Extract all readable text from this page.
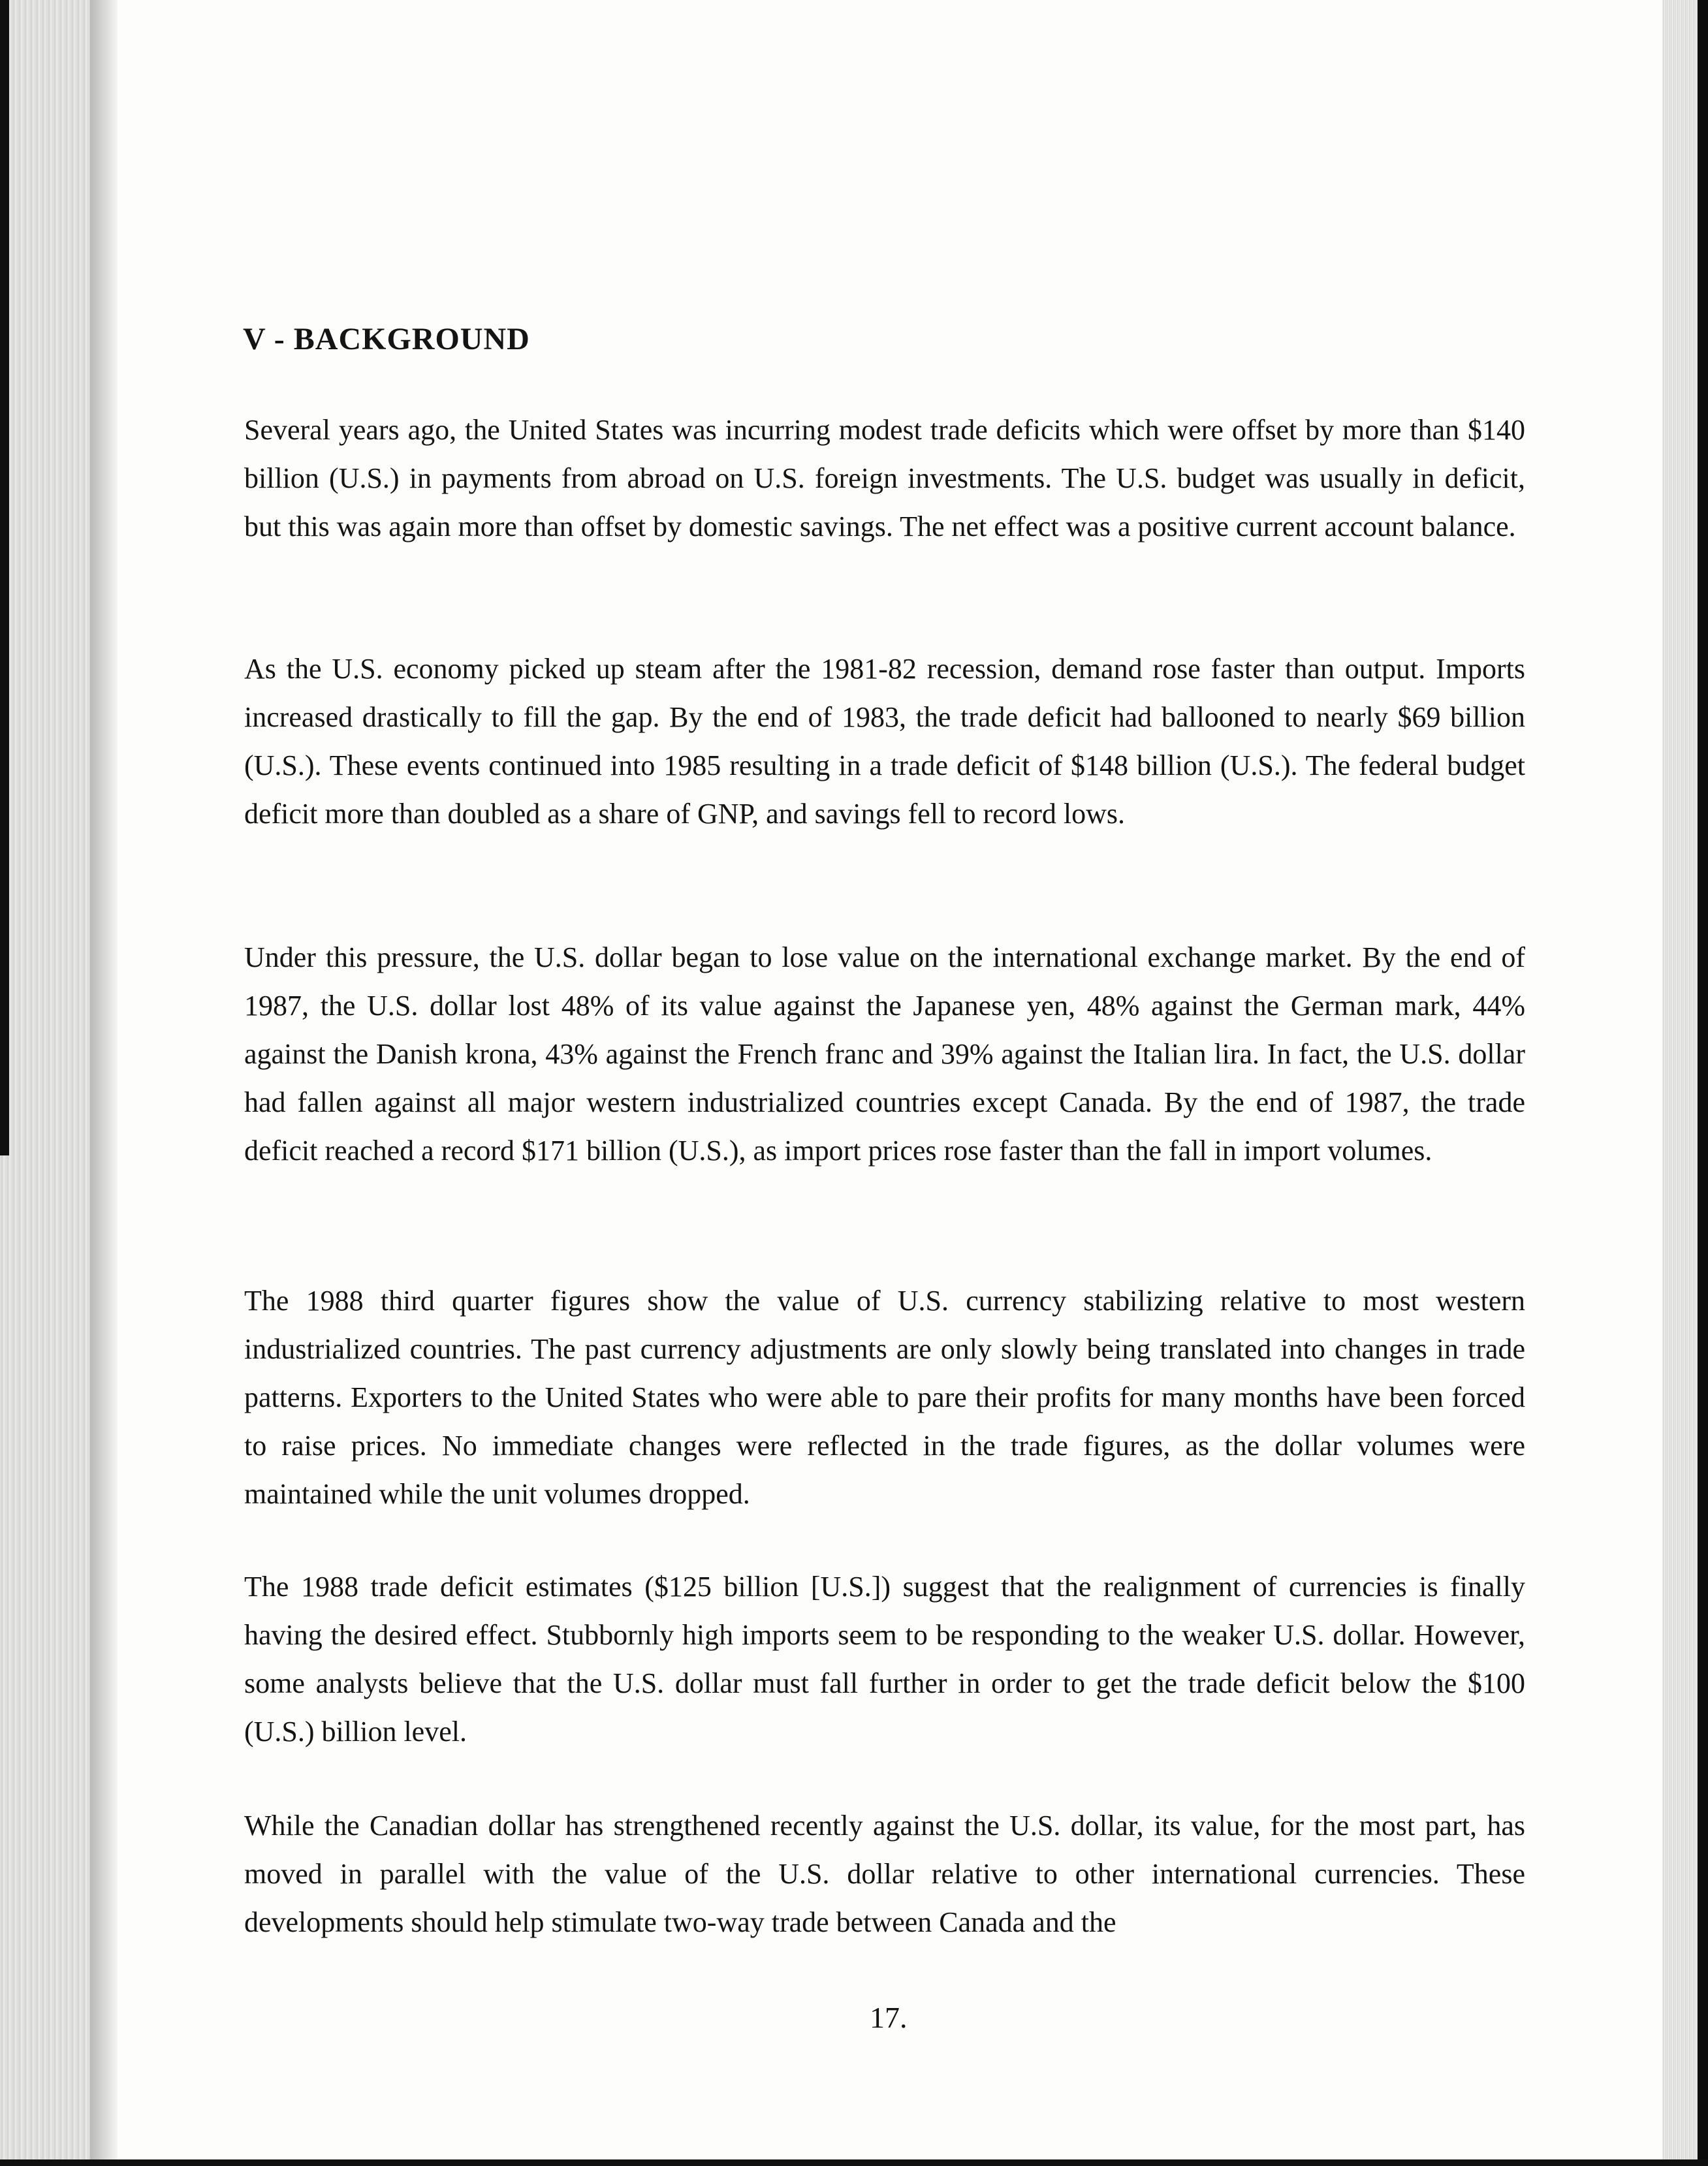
V - BACKGROUND

Several years ago, the United States was incurring modest trade deficits which were offset by more than $140 billion (U.S.) in payments from abroad on U.S. foreign investments. The U.S. budget was usually in deficit, but this was again more than offset by domestic savings. The net effect was a positive current account balance.

As the U.S. economy picked up steam after the 1981-82 recession, demand rose faster than output. Imports increased drastically to fill the gap. By the end of 1983, the trade deficit had ballooned to nearly $69 billion (U.S.). These events continued into 1985 resulting in a trade deficit of $148 billion (U.S.). The federal budget deficit more than doubled as a share of GNP, and savings fell to record lows.

Under this pressure, the U.S. dollar began to lose value on the international exchange market. By the end of 1987, the U.S. dollar lost 48% of its value against the Japanese yen, 48% against the German mark, 44% against the Danish krona, 43% against the French franc and 39% against the Italian lira. In fact, the U.S. dollar had fallen against all major western industrialized countries except Canada. By the end of 1987, the trade deficit reached a record $171 billion (U.S.), as import prices rose faster than the fall in import volumes.

The 1988 third quarter figures show the value of U.S. currency stabilizing relative to most western industrialized countries. The past currency adjustments are only slowly being translated into changes in trade patterns. Exporters to the United States who were able to pare their profits for many months have been forced to raise prices. No immediate changes were reflected in the trade figures, as the dollar volumes were maintained while the unit volumes dropped.

The 1988 trade deficit estimates ($125 billion [U.S.]) suggest that the realignment of currencies is finally having the desired effect. Stubbornly high imports seem to be responding to the weaker U.S. dollar. However, some analysts believe that the U.S. dollar must fall further in order to get the trade deficit below the $100 (U.S.) billion level.

While the Canadian dollar has strengthened recently against the U.S. dollar, its value, for the most part, has moved in parallel with the value of the U.S. dollar relative to other international currencies. These developments should help stimulate two-way trade between Canada and the

17.
